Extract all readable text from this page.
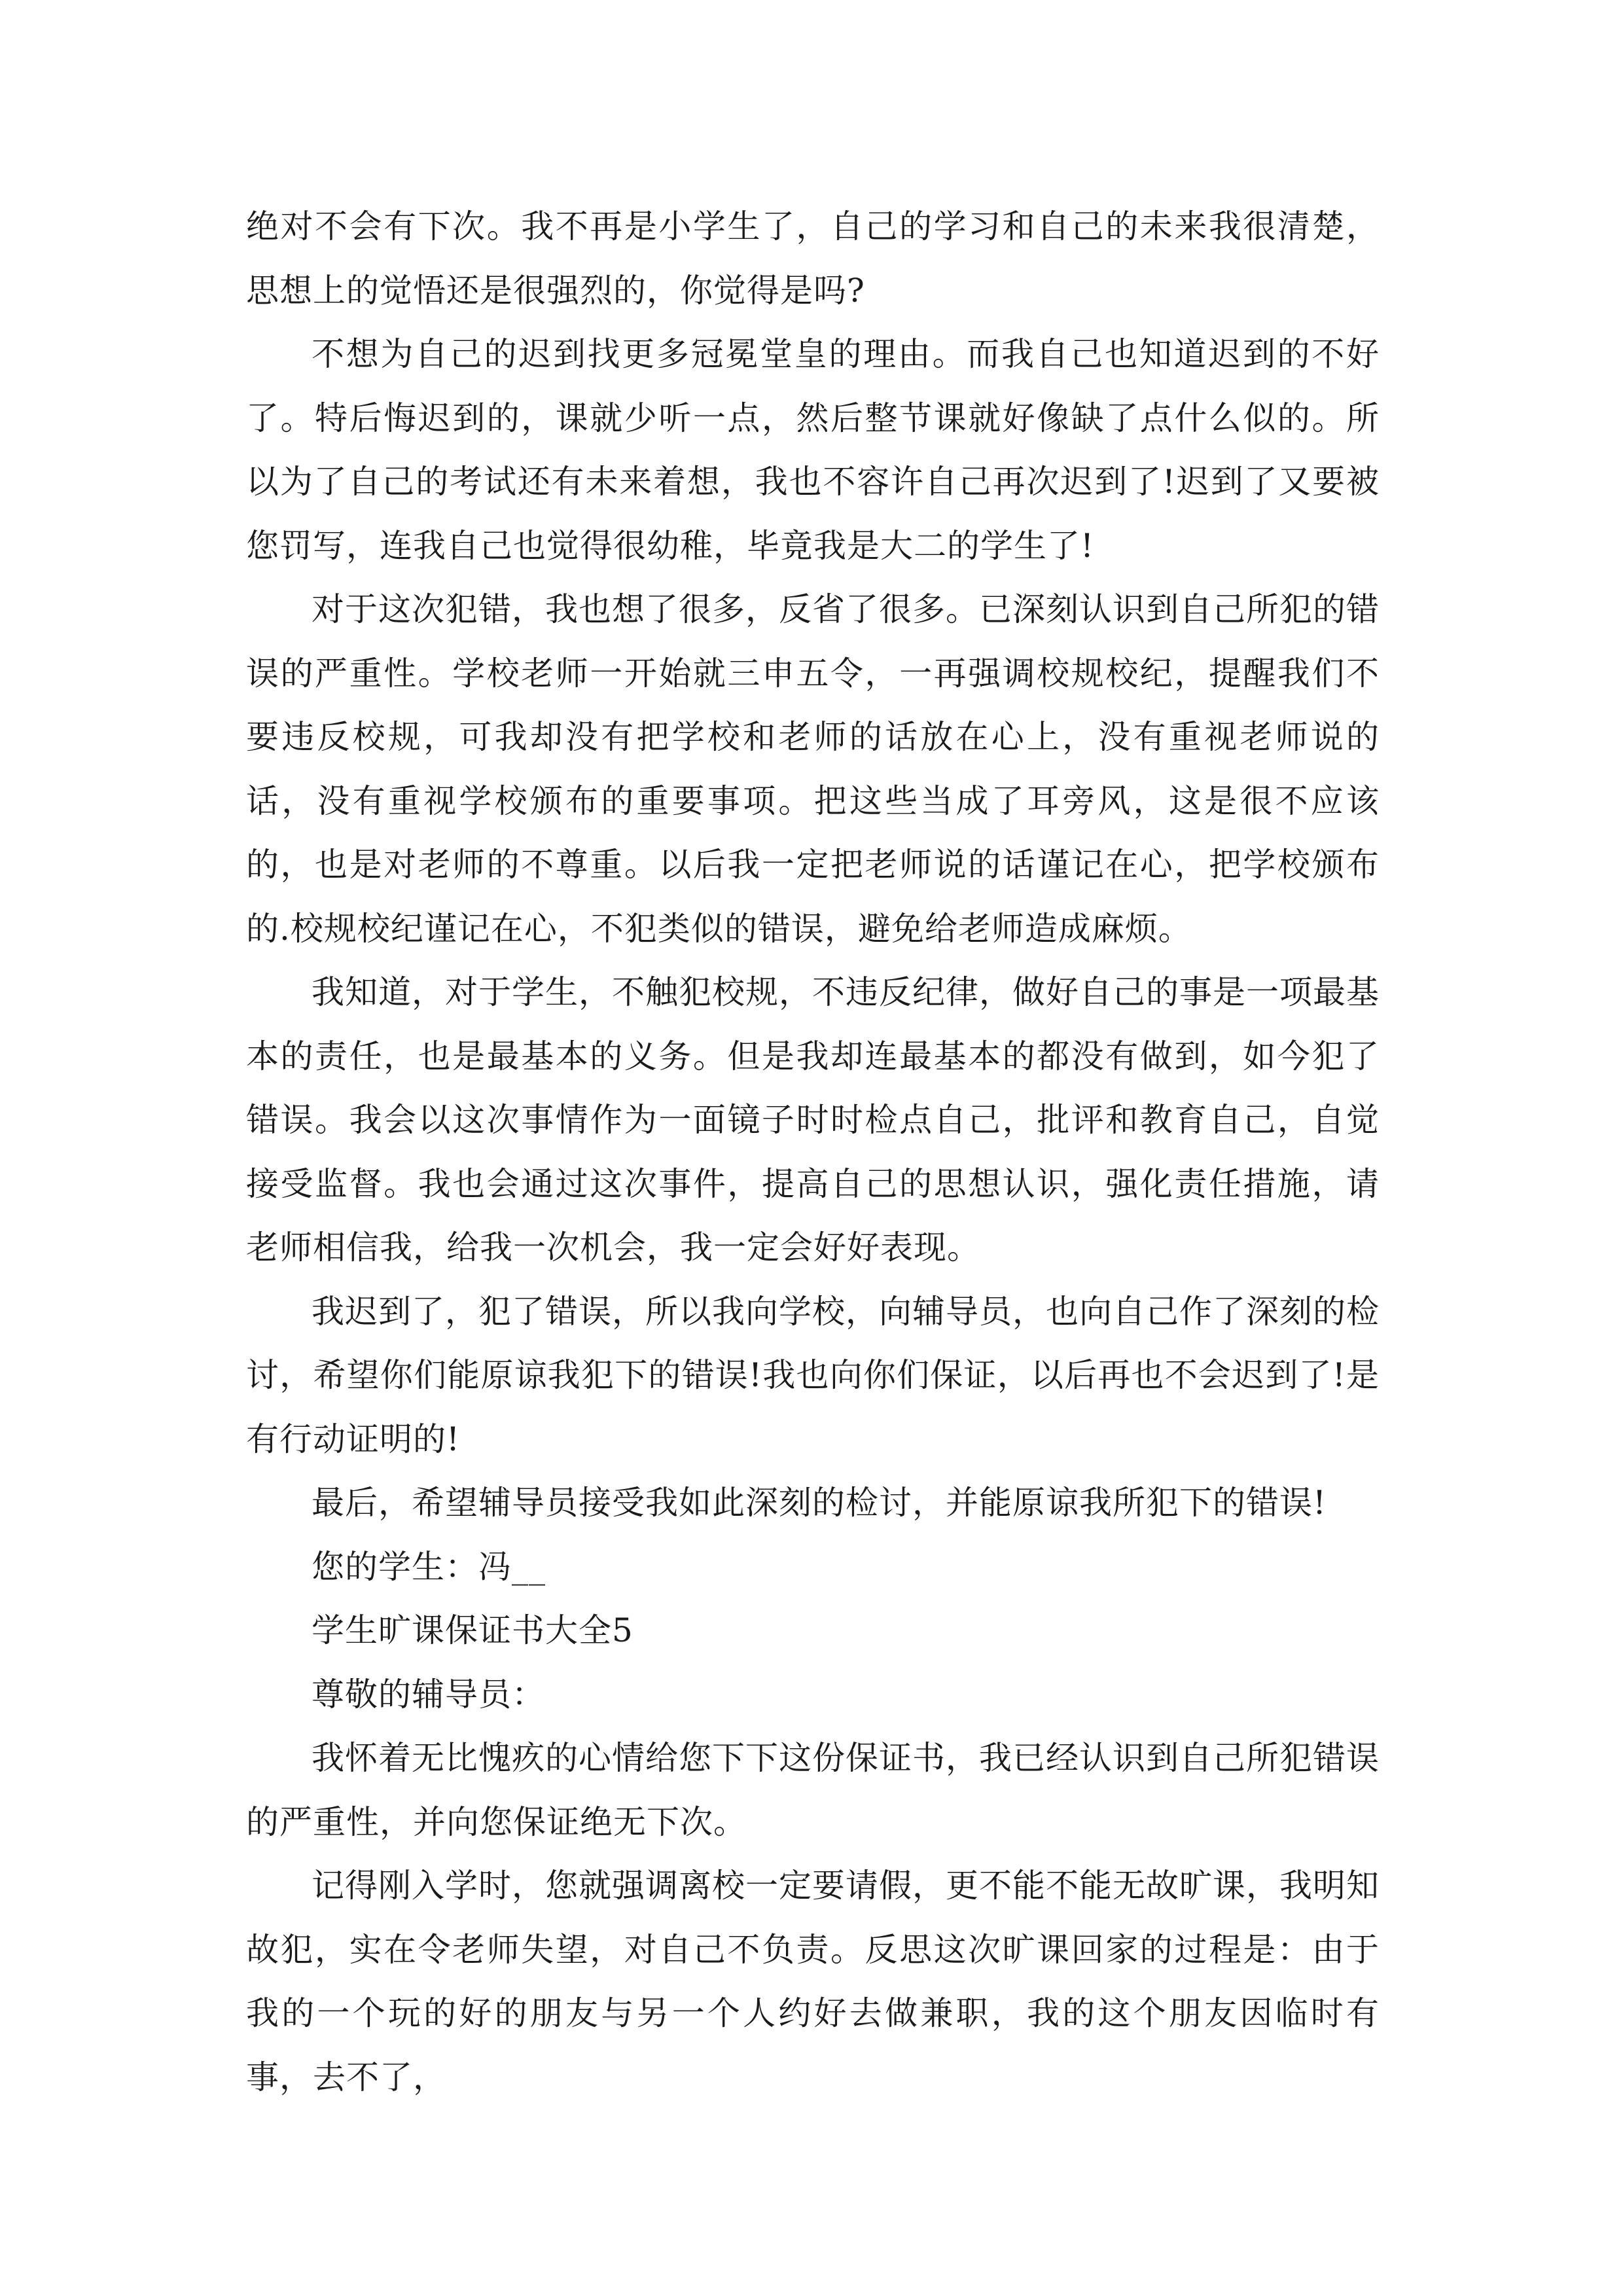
绝对不会有下次。我不再是小学生了，自己的学习和自己的未来我很清楚，思想上的觉悟还是很强烈的，你觉得是吗?

不想为自己的迟到找更多冠冕堂皇的理由。而我自己也知道迟到的不好了。特后悔迟到的，课就少听一点，然后整节课就好像缺了点什么似的。所以为了自己的考试还有未来着想，我也不容许自己再次迟到了!迟到了又要被您罚写，连我自己也觉得很幼稚，毕竟我是大二的学生了!

对于这次犯错，我也想了很多，反省了很多。已深刻认识到自己所犯的错误的严重性。学校老师一开始就三申五令，一再强调校规校纪，提醒我们不要违反校规，可我却没有把学校和老师的话放在心上，没有重视老师说的话，没有重视学校颁布的重要事项。把这些当成了耳旁风，这是很不应该的，也是对老师的不尊重。以后我一定把老师说的话谨记在心，把学校颁布的.校规校纪谨记在心，不犯类似的错误，避免给老师造成麻烦。

我知道，对于学生，不触犯校规，不违反纪律，做好自己的事是一项最基本的责任，也是最基本的义务。但是我却连最基本的都没有做到，如今犯了错误。我会以这次事情作为一面镜子时时检点自己，批评和教育自己，自觉接受监督。我也会通过这次事件，提高自己的思想认识，强化责任措施，请老师相信我，给我一次机会，我一定会好好表现。

我迟到了，犯了错误，所以我向学校，向辅导员，也向自己作了深刻的检讨，希望你们能原谅我犯下的错误!我也向你们保证，以后再也不会迟到了!是有行动证明的!

最后，希望辅导员接受我如此深刻的检讨，并能原谅我所犯下的错误!

您的学生：冯__

学生旷课保证书大全5

尊敬的辅导员：

我怀着无比愧疚的心情给您下下这份保证书，我已经认识到自己所犯错误的严重性，并向您保证绝无下次。

记得刚入学时，您就强调离校一定要请假，更不能不能无故旷课，我明知故犯，实在令老师失望，对自己不负责。反思这次旷课回家的过程是：由于我的一个玩的好的朋友与另一个人约好去做兼职，我的这个朋友因临时有事，去不了，
